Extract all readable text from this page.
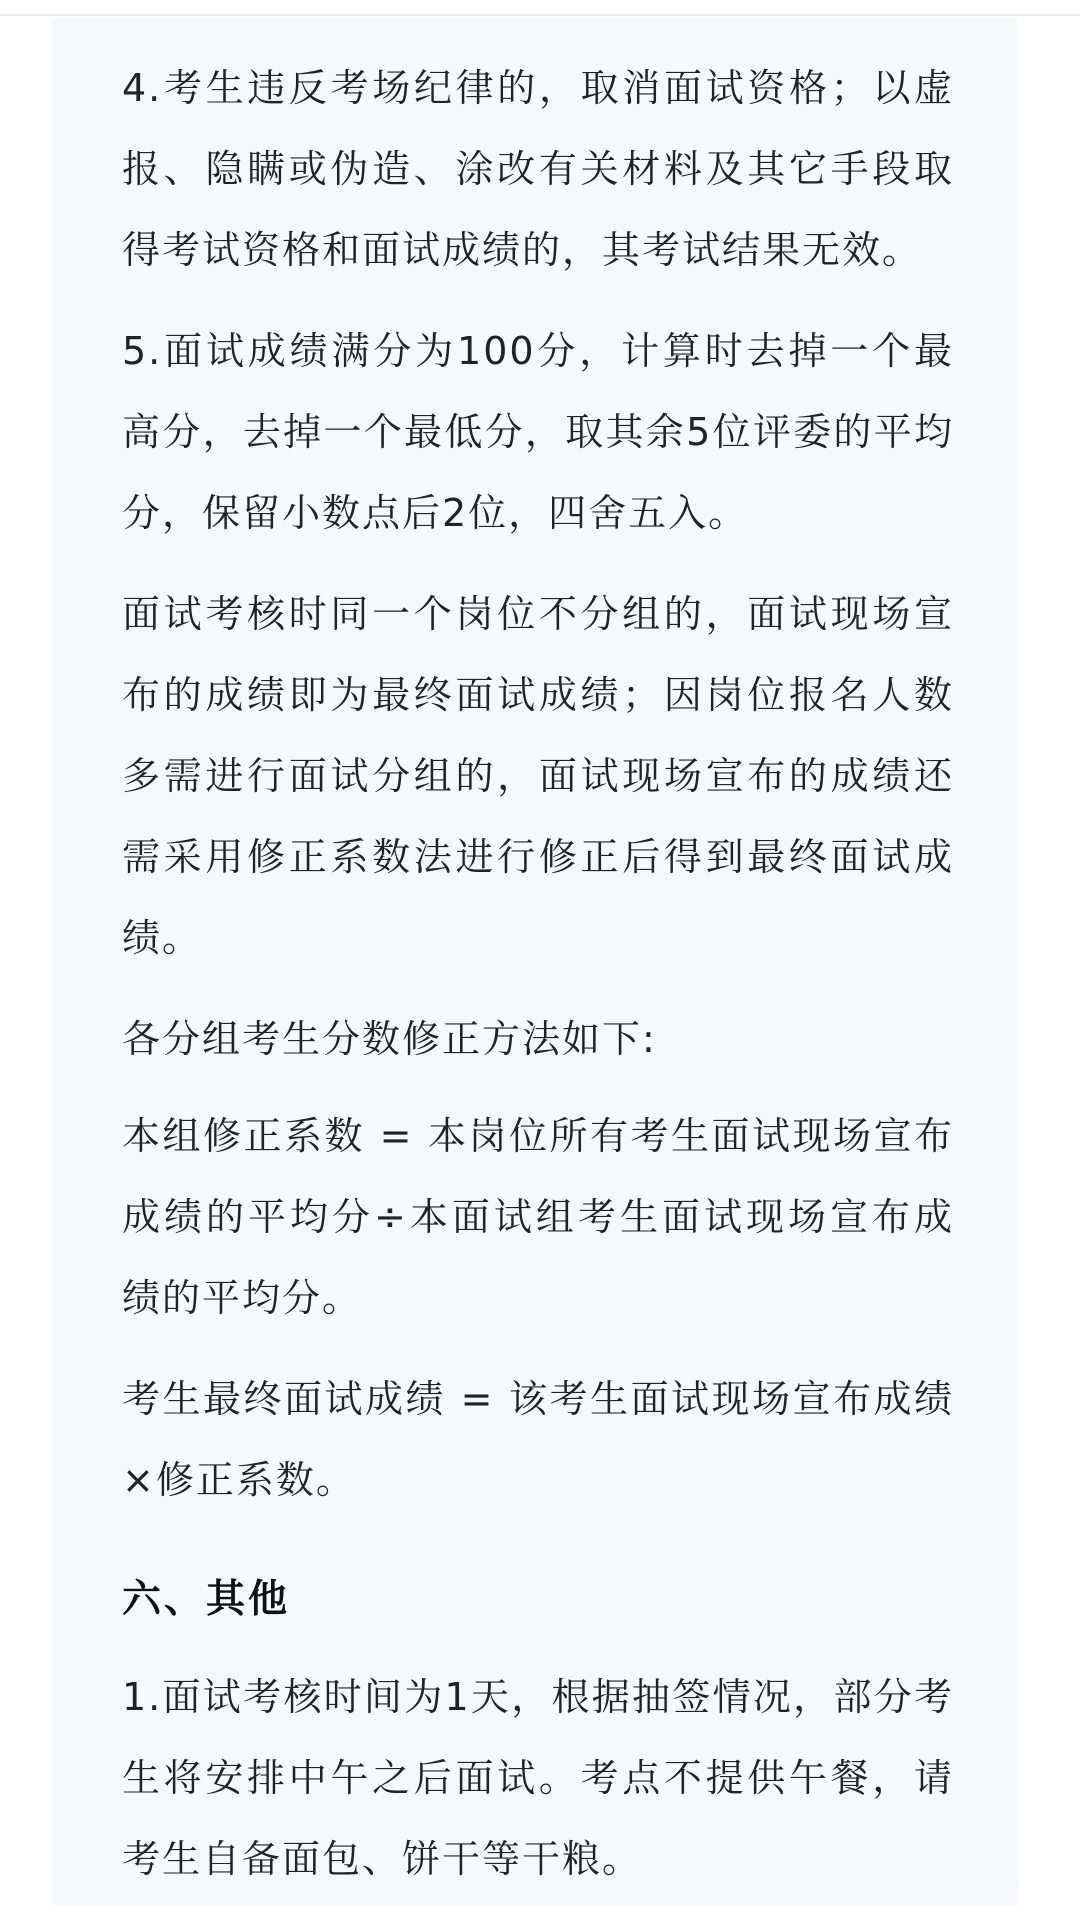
4.考生违反考场纪律的，取消面试资格；以虚报、隐瞒或伪造、涂改有关材料及其它手段取得考试资格和面试成绩的，其考试结果无效。

5.面试成绩满分为100分，计算时去掉一个最高分，去掉一个最低分，取其余5位评委的平均分，保留小数点后2位，四舍五入。

面试考核时同一个岗位不分组的，面试现场宣布的成绩即为最终面试成绩；因岗位报名人数多需进行面试分组的，面试现场宣布的成绩还需采用修正系数法进行修正后得到最终面试成绩。

各分组考生分数修正方法如下:

本组修正系数 = 本岗位所有考生面试现场宣布成绩的平均分÷本面试组考生面试现场宣布成绩的平均分。

考生最终面试成绩 = 该考生面试现场宣布成绩×修正系数。

六、其他

1.面试考核时间为1天，根据抽签情况，部分考生将安排中午之后面试。考点不提供午餐，请考生自备面包、饼干等干粮。
